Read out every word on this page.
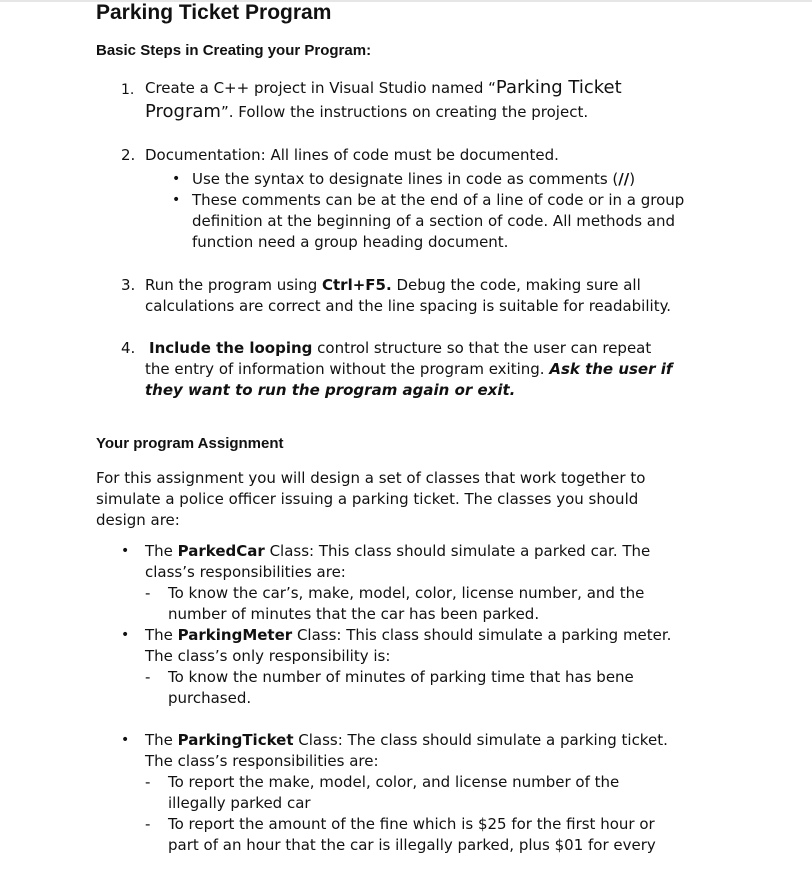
Parking Ticket Program
Basic Steps in Creating your Program:
1. Create a C++ project in Visual Studio named “Parking Ticket
Program”. Follow the instructions on creating the project.
2. Documentation: All lines of code must be documented.
• Use the syntax to designate lines in code as comments (//)
• These comments can be at the end of a line of code or in a group
definition at the beginning of a section of code. All methods and
function need a group heading document.
3. Run the program using Ctrl+F5. Debug the code, making sure all
calculations are correct and the line spacing is suitable for readability.
4. Include the looping control structure so that the user can repeat
the entry of information without the program exiting. Ask the user if
they want to run the program again or exit.
Your program Assignment
For this assignment you will design a set of classes that work together to
simulate a police officer issuing a parking ticket. The classes you should
design are:
• The ParkedCar Class: This class should simulate a parked car. The
class’s responsibilities are:
- To know the car’s, make, model, color, license number, and the
number of minutes that the car has been parked.
• The ParkingMeter Class: This class should simulate a parking meter.
The class’s only responsibility is:
- To know the number of minutes of parking time that has bene
purchased.
• The ParkingTicket Class: The class should simulate a parking ticket.
The class’s responsibilities are:
- To report the make, model, color, and license number of the
illegally parked car
- To report the amount of the fine which is $25 for the first hour or
part of an hour that the car is illegally parked, plus $01 for every
